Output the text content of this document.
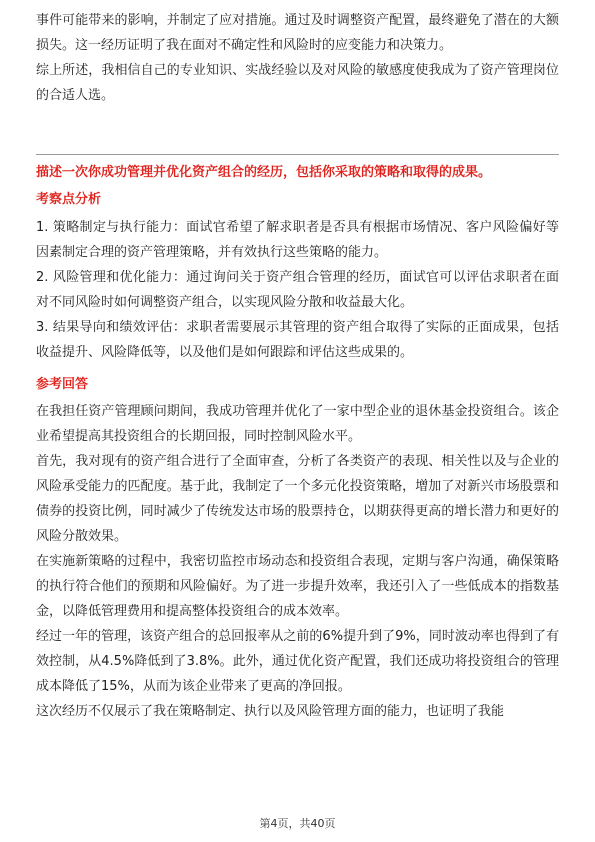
事件可能带来的影响，并制定了应对措施。通过及时调整资产配置，最终避免了潜在的大额损失。这一经历证明了我在面对不确定性和风险时的应变能力和决策力。

综上所述，我相信自己的专业知识、实战经验以及对风险的敏感度使我成为了资产管理岗位的合适人选。

描述一次你成功管理并优化资产组合的经历，包括你采取的策略和取得的成果。
考察点分析

1. 策略制定与执行能力：面试官希望了解求职者是否具有根据市场情况、客户风险偏好等因素制定合理的资产管理策略，并有效执行这些策略的能力。

2. 风险管理和优化能力：通过询问关于资产组合管理的经历，面试官可以评估求职者在面对不同风险时如何调整资产组合，以实现风险分散和收益最大化。

3. 结果导向和绩效评估：求职者需要展示其管理的资产组合取得了实际的正面成果，包括收益提升、风险降低等，以及他们是如何跟踪和评估这些成果的。

参考回答

在我担任资产管理顾问期间，我成功管理并优化了一家中型企业的退休基金投资组合。该企业希望提高其投资组合的长期回报，同时控制风险水平。

首先，我对现有的资产组合进行了全面审查，分析了各类资产的表现、相关性以及与企业的风险承受能力的匹配度。基于此，我制定了一个多元化投资策略，增加了对新兴市场股票和债券的投资比例，同时减少了传统发达市场的股票持仓，以期获得更高的增长潜力和更好的风险分散效果。

在实施新策略的过程中，我密切监控市场动态和投资组合表现，定期与客户沟通，确保策略的执行符合他们的预期和风险偏好。为了进一步提升效率，我还引入了一些低成本的指数基金，以降低管理费用和提高整体投资组合的成本效率。

经过一年的管理，该资产组合的总回报率从之前的6%提升到了9%，同时波动率也得到了有效控制，从4.5%降低到了3.8%。此外，通过优化资产配置，我们还成功将投资组合的管理成本降低了15%，从而为该企业带来了更高的净回报。

这次经历不仅展示了我在策略制定、执行以及风险管理方面的能力，也证明了我能

第4页，共40页
